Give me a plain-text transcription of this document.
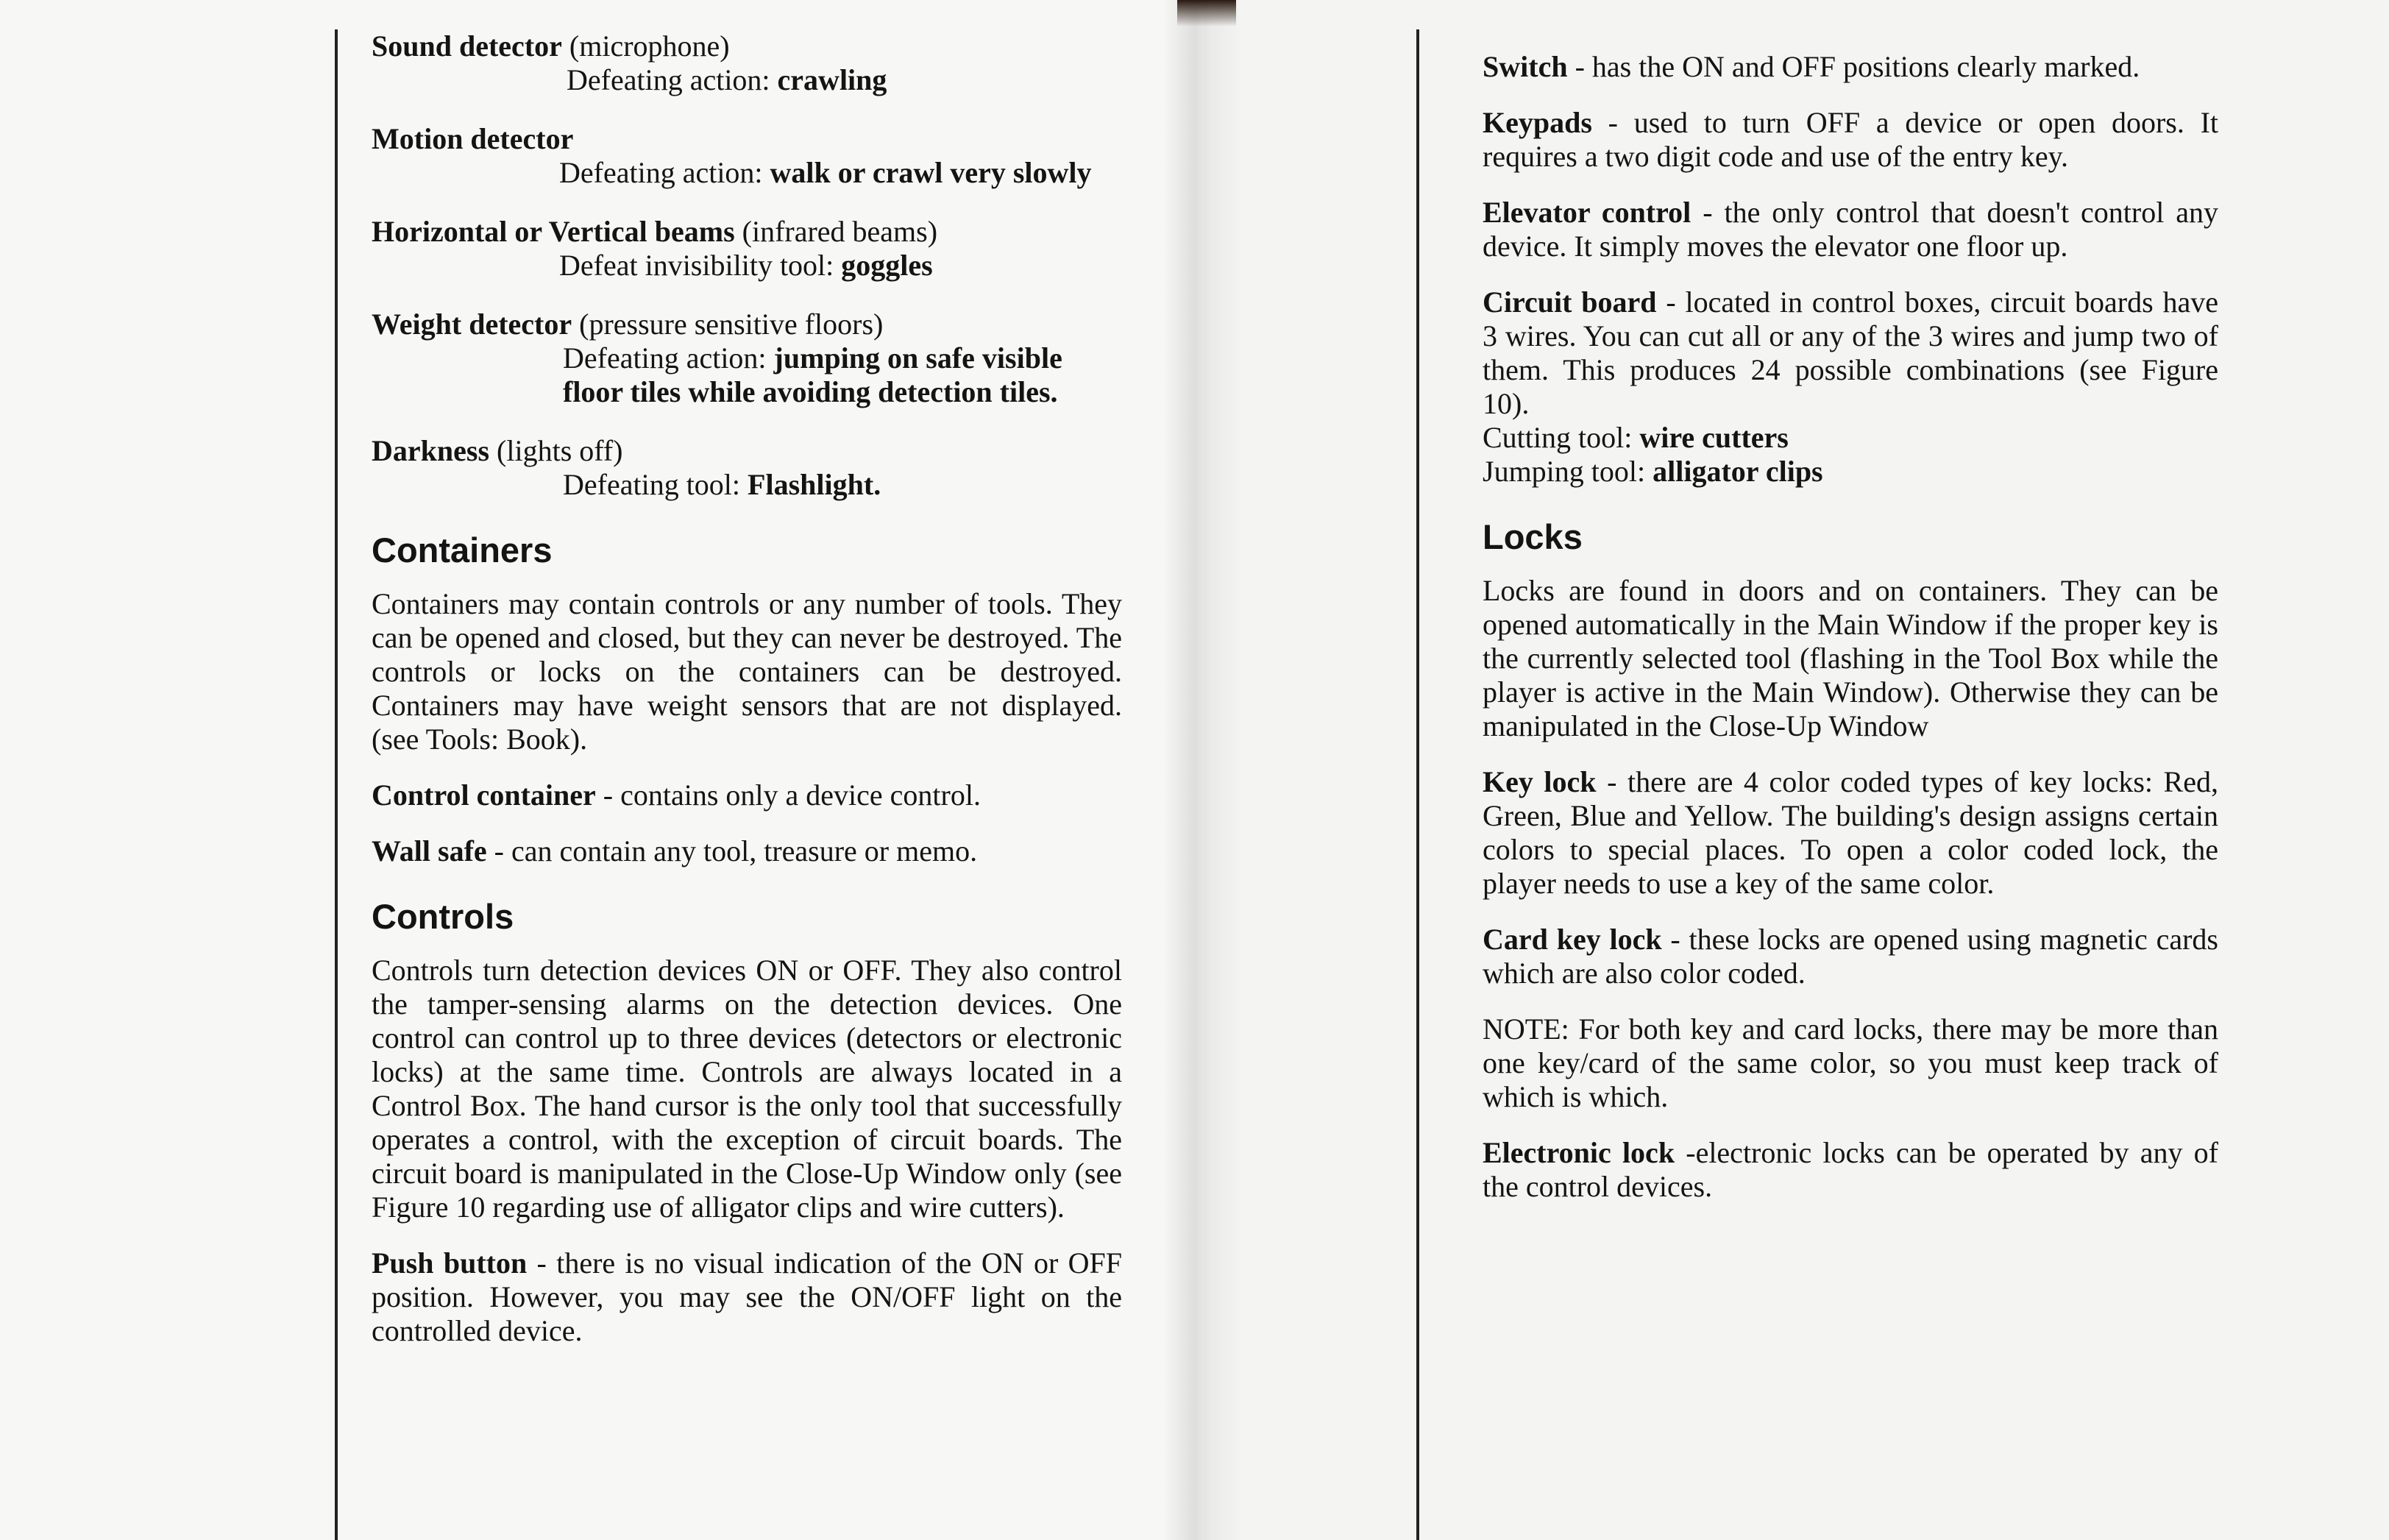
Sound detector (microphone)

Defeating action: crawling

Motion detector

Defeating action: walk or crawl very slowly

Horizontal or Vertical beams (infrared beams)

Defeat invisibility tool: goggles

Weight detector (pressure sensitive floors)

Defeating action: jumping on safe visible

floor tiles while avoiding detection tiles.

Darkness (lights off)

Defeating tool: Flashlight.

Containers

Containers may contain controls or any number of tools. They can be opened and closed, but they can never be destroyed. The controls or locks on the containers can be destroyed. Containers may have weight sensors that are not displayed. (see Tools: Book).

Control container - contains only a device control.

Wall safe - can contain any tool, treasure or memo.

Controls

Controls turn detection devices ON or OFF. They also control the tamper-sensing alarms on the detection devices. One control can control up to three devices (detectors or electronic locks) at the same time. Controls are always located in a Control Box. The hand cursor is the only tool that successfully operates a control, with the exception of circuit boards. The circuit board is manipulated in the Close-Up Window only (see Figure 10 regarding use of alligator clips and wire cutters).

Push button - there is no visual indication of the ON or OFF position. However, you may see the ON/OFF light on the controlled device.

Switch - has the ON and OFF positions clearly marked.

Keypads - used to turn OFF a device or open doors. It requires a two digit code and use of the entry key.

Elevator control - the only control that doesn't control any device. It simply moves the elevator one floor up.

Circuit board - located in control boxes, circuit boards have 3 wires. You can cut all or any of the 3 wires and jump two of them. This produces 24 possible combinations (see Figure 10).

Cutting tool: wire cutters

Jumping tool: alligator clips

Locks

Locks are found in doors and on containers. They can be opened automatically in the Main Window if the proper key is the currently selected tool (flashing in the Tool Box while the player is active in the Main Window). Otherwise they can be manipulated in the Close-Up Window

Key lock - there are 4 color coded types of key locks: Red, Green, Blue and Yellow. The building's design assigns certain colors to special places. To open a color coded lock, the player needs to use a key of the same color.

Card key lock - these locks are opened using magnetic cards which are also color coded.

NOTE: For both key and card locks, there may be more than one key/card of the same color, so you must keep track of which is which.

Electronic lock -electronic locks can be operated by any of the control devices.
